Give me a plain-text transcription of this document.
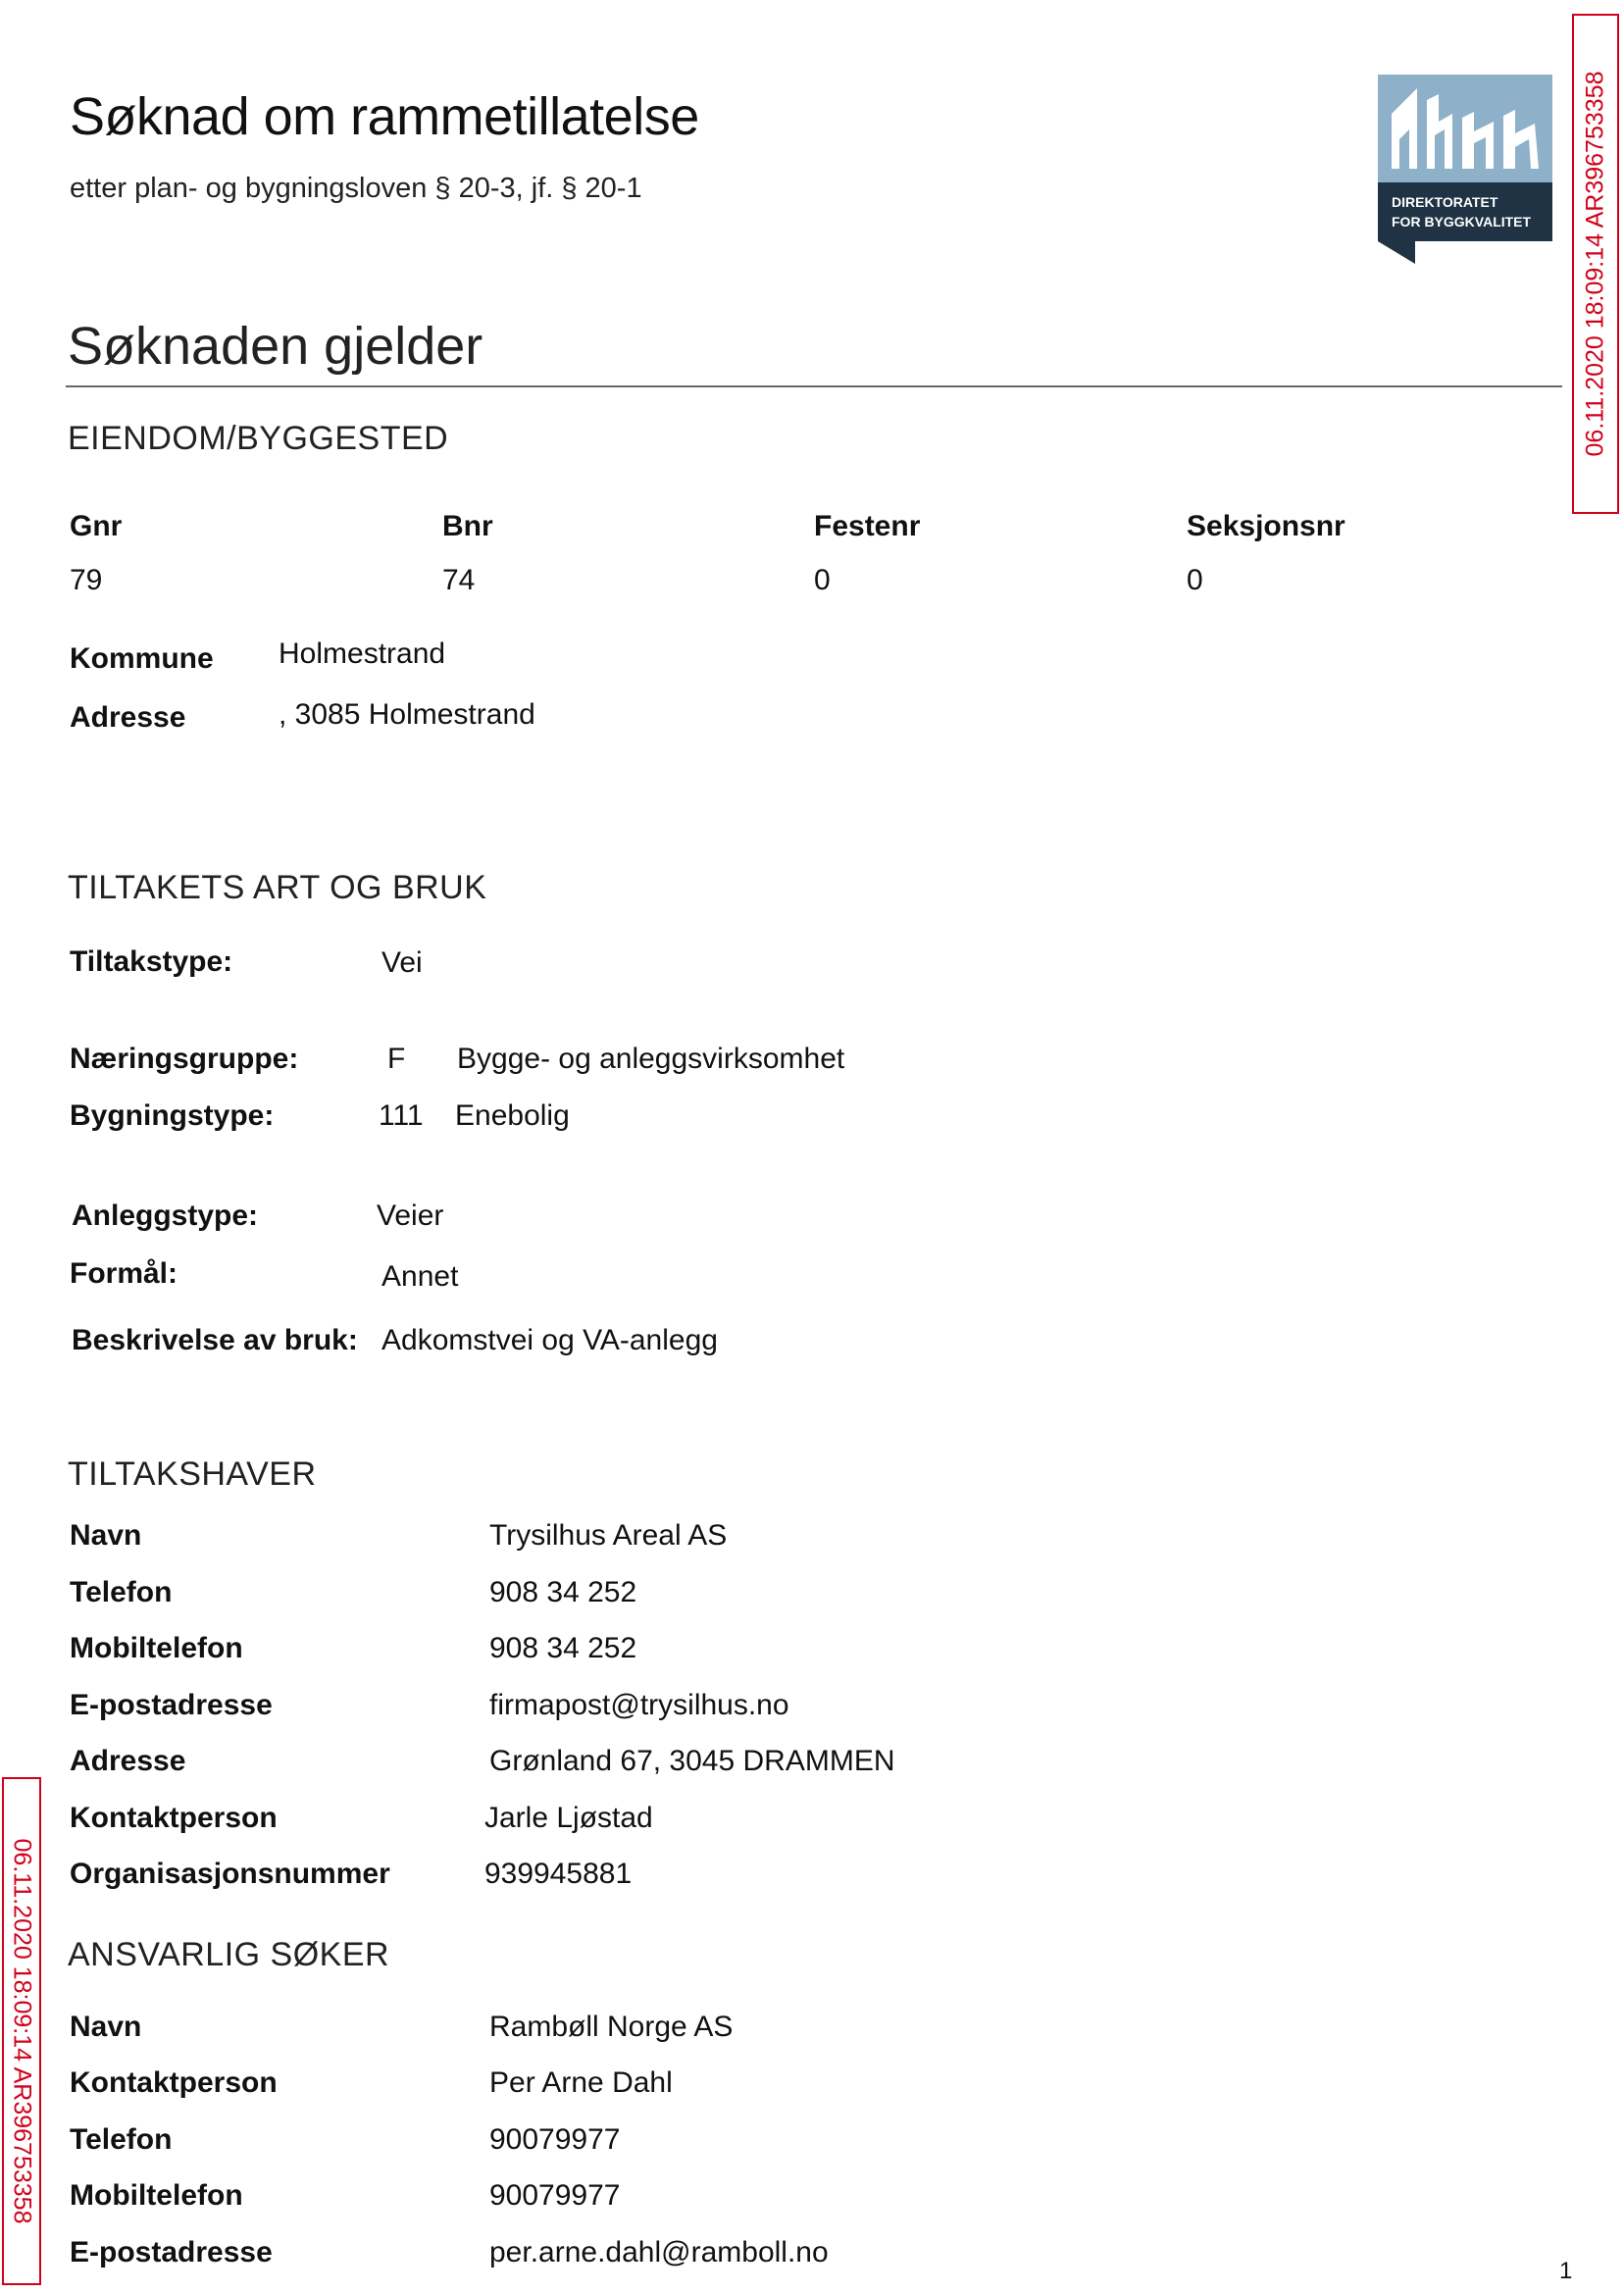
Søknad om rammetillatelse
etter plan- og bygningsloven § 20-3, jf. § 20-1	DIREKTORATET
FOR BYGGKVALITET 06.11.2020 18:09:14 AR396753358
Søknaden gjelder
EIENDOM/BYGGESTED
Gnr	Bnr	Festenr	Seksjonsnr
79	74	0	0
Kommune Holmestrand
Adresse	, 3085 Holmestrand
TILTAKETS ART OG BRUK
Tiltakstype:	Vei
Næringsgruppe:	F Bygge- og anleggsvirksomhet
Bygningstype:	111 Enebolig
Anleggstype:	Veier
Formål:	Annet
Beskrivelse av bruk: Adkomstvei og VA-anlegg
TILTAKSHAVER
Navn	Trysilhus Areal AS
Telefon	908 34 252
Mobiltelefon	908 34 252
E-postadresse	firmapost@trysilhus.no
Adresse	Grønland 67, 3045 DRAMMEN
Kontaktperson	Jarle Ljøstad
Organisasjonsnummer	939945881
ANSVARLIG SØKER
Navn	Rambøll Norge AS
Kontaktperson	Per Arne Dahl
Telefon	90079977
Mobiltelefon	90079977
E-postadresse	per.arne.dahl@ramboll.no
06.11.2020 18:09:14 AR396753358
1
